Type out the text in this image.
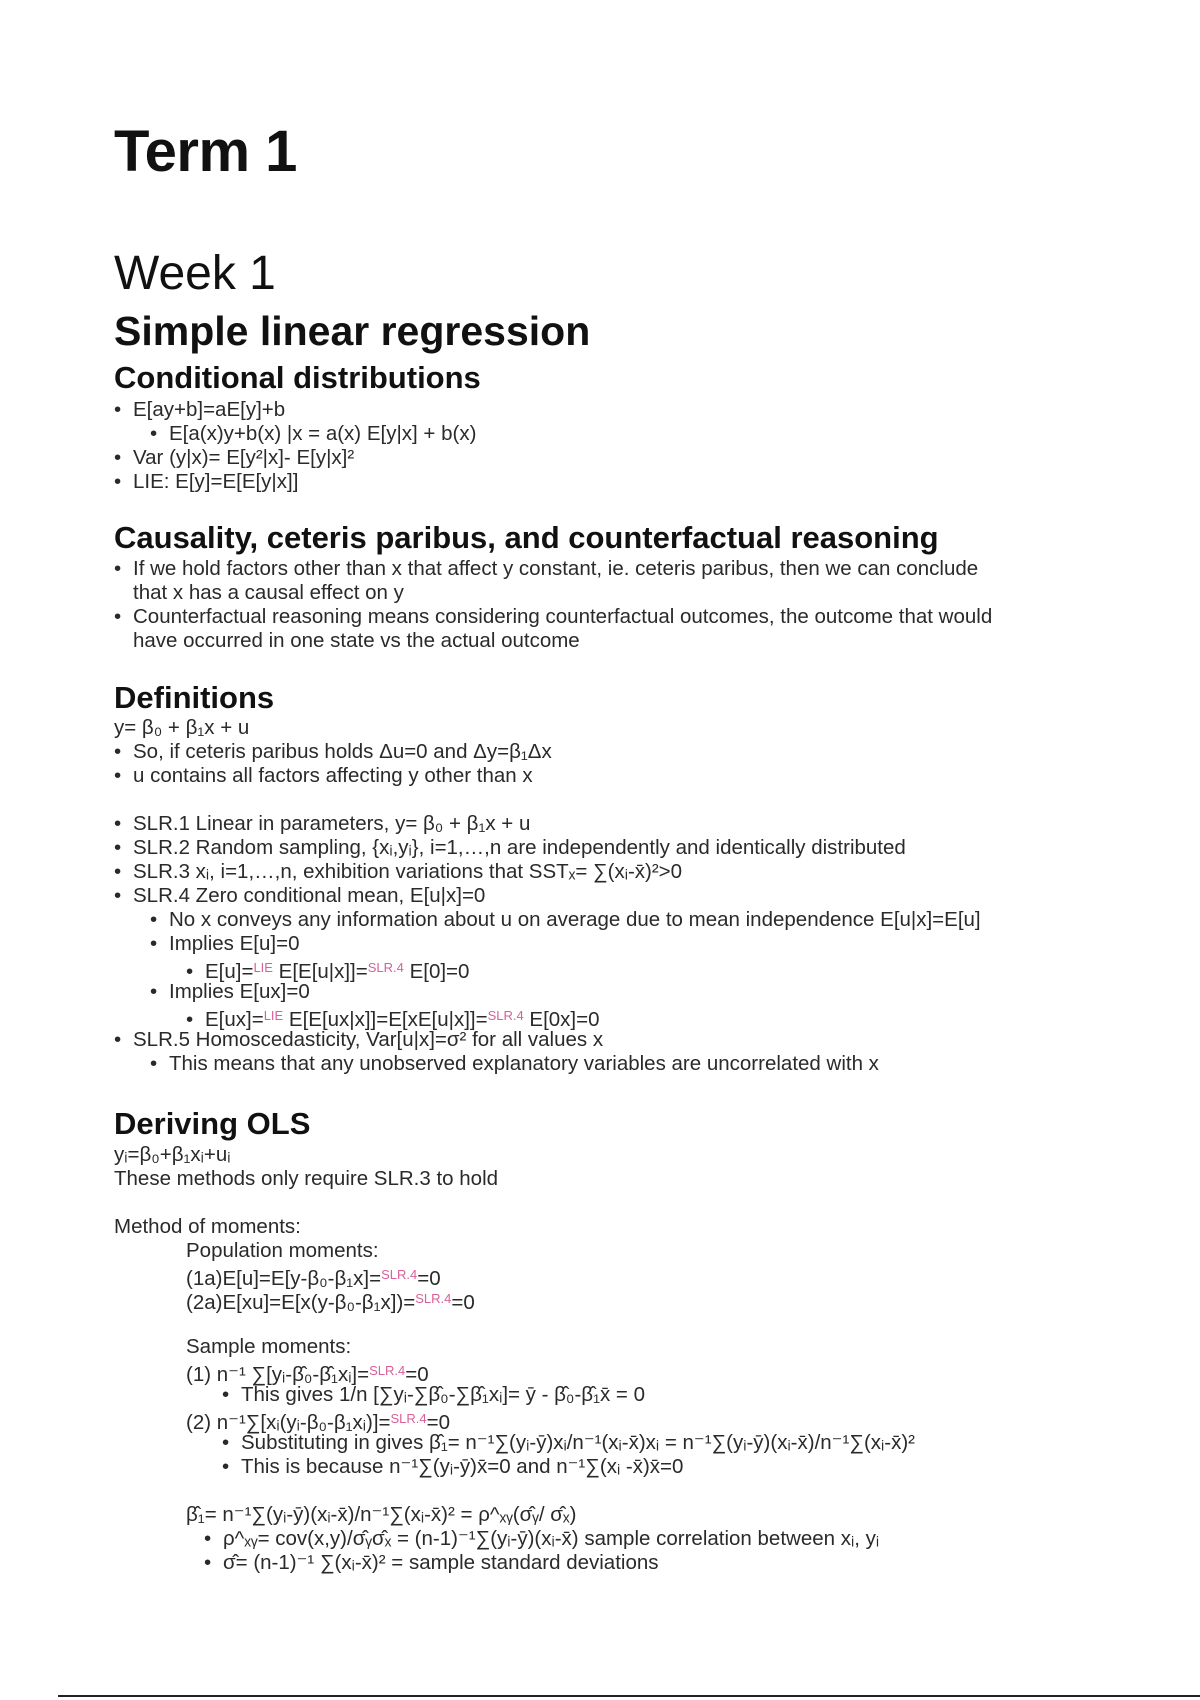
Term 1
Week 1
Simple linear regression
Conditional distributions
• E[ay+b]=aE[y]+b
• E[a(x)y+b(x) |x = a(x) E[y|x] + b(x)
• Var (y|x)= E[y²|x]- E[y|x]²
• LIE: E[y]=E[E[y|x]]
Causality, ceteris paribus, and counterfactual reasoning
• If we hold factors other than x that affect y constant, ie. ceteris paribus, then we can conclude
that x has a causal effect on y
• Counterfactual reasoning means considering counterfactual outcomes, the outcome that would
have occurred in one state vs the actual outcome
Definitions
y= β₀ + β₁x + u
• So, if ceteris paribus holds Δu=0 and Δy=β₁Δx
• u contains all factors affecting y other than x
• SLR.1 Linear in parameters, y= β₀ + β₁x + u
• SLR.2 Random sampling, {xᵢ,yᵢ}, i=1,…,n are independently and identically distributed
• SLR.3 xᵢ, i=1,…,n, exhibition variations that SSTₓ= ∑(xᵢ-x̄)²>0
• SLR.4 Zero conditional mean, E[u|x]=0
• No x conveys any information about u on average due to mean independence E[u|x]=E[u]
• Implies E[u]=0
• E[u]=$^{LIE}$ E[E[u|x]]=$^{SLR.4}$ E[0]=0
• Implies E[ux]=0
• E[ux]=$^{LIE}$ E[E[ux|x]]=E[xE[u|x]]=$^{SLR.4}$ E[0x]=0
• SLR.5 Homoscedasticity, Var[u|x]=σ² for all values x
• This means that any unobserved explanatory variables are uncorrelated with x
Deriving OLS
yᵢ=β₀+β₁xᵢ+uᵢ
These methods only require SLR.3 to hold
Method of moments:
Population moments:
(1a)E[u]=E[y-β₀-β₁x]=$^{SLR.4}$=0
(2a)E[xu]=E[x(y-β₀-β₁x])=$^{SLR.4}$=0
Sample moments:
(1) n⁻¹ ∑[yᵢ-β̂₀-β̂₁xᵢ]=$^{SLR.4}$=0
• This gives 1/n [∑yᵢ-∑β̂₀-∑β̂₁xᵢ]= ȳ - β̂₀-β̂₁x̄ = 0
(2) n⁻¹∑[xᵢ(yᵢ-β₀-β₁xᵢ)]=$^{SLR.4}$=0
• Substituting in gives β̂₁= n⁻¹∑(yᵢ-ȳ)xᵢ/n⁻¹(xᵢ-x̄)xᵢ = n⁻¹∑(yᵢ-ȳ)(xᵢ-x̄)/n⁻¹∑(xᵢ-x̄)²
• This is because n⁻¹∑(yᵢ-ȳ)x̄=0 and n⁻¹∑(xᵢ -x̄)x̄=0
β̂₁= n⁻¹∑(yᵢ-ȳ)(xᵢ-x̄)/n⁻¹∑(xᵢ-x̄)² = ρ^ₓᵧ(σ̂ᵧ/ σ̂ₓ)
• ρ^ₓᵧ= cov(x,y)/σ̂ᵧσ̂ₓ = (n-1)⁻¹∑(yᵢ-ȳ)(xᵢ-x̄) sample correlation between xᵢ, yᵢ
• σ̂= (n-1)⁻¹ ∑(xᵢ-x̄)² = sample standard deviations
